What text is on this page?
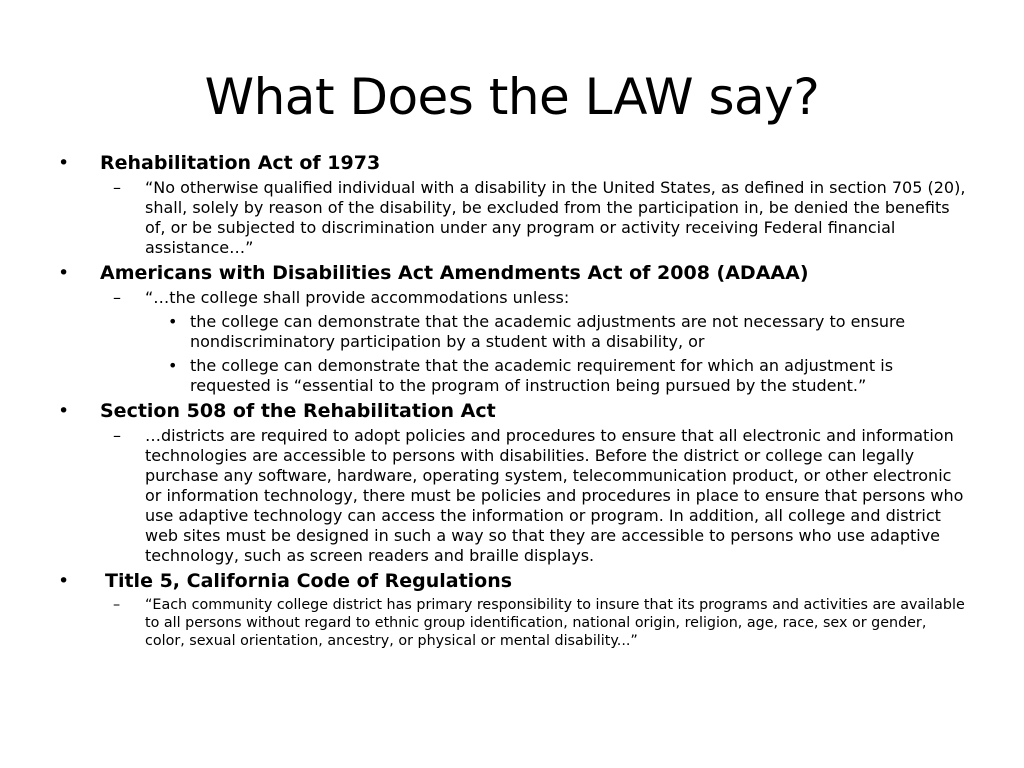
What Does the LAW say?
• Rehabilitation Act of 1973
– “No otherwise qualified individual with a disability in the United States, as defined in section 705 (20), shall, solely by reason of the disability, be excluded from the participation in, be denied the benefits of, or be subjected to discrimination under any program or activity receiving Federal financial assistance…”
• Americans with Disabilities Act Amendments Act of 2008 (ADAAA)
– “…the college shall provide accommodations unless:
• the college can demonstrate that the academic adjustments are not necessary to ensure nondiscriminatory participation by a student with a disability, or
• the college can demonstrate that the academic requirement for which an adjustment is requested is “essential to the program of instruction being pursued by the student.”
• Section 508 of the Rehabilitation Act
– …districts are required to adopt policies and procedures to ensure that all electronic and information technologies are accessible to persons with disabilities. Before the district or college can legally purchase any software, hardware, operating system, telecommunication product, or other electronic or information technology, there must be policies and procedures in place to ensure that persons who use adaptive technology can access the information or program. In addition, all college and district web sites must be designed in such a way so that they are accessible to persons who use adaptive technology, such as screen readers and braille displays.
• Title 5, California Code of Regulations
– “Each community college district has primary responsibility to insure that its programs and activities are available to all persons without regard to ethnic group identification, national origin, religion, age, race, sex or gender, color, sexual orientation, ancestry, or physical or mental disability...”
